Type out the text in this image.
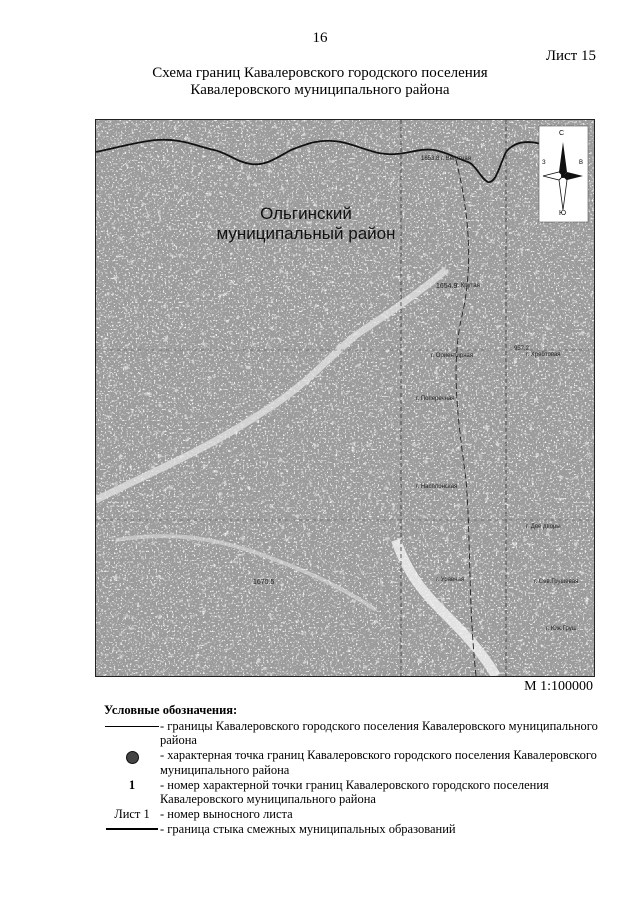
16
Лист 15
Схема границ Кавалеровского городского поселения
Кавалеровского муниципального района
С
Ю
З	В
Ольгинский
муниципальный район
г. Вегетная
г. Крутая
г. Хребтовая
г. Ориентирная
г. Поперечная
г. Насплонская
г. Две дворы
г. Сев.Грушевая
г. Юж.Груш
г. Уравная
1653.8
1654.9
957.2
1670.5
М 1:100000
Условные обозначения:
- границы Кавалеровского городского поселения Кавалеровского муниципального района
- характерная точка границ Кавалеровского городского поселения Кавалеровского муниципального района
1 - номер характерной точки границ Кавалеровского городского поселения Кавалеровского муниципального района
Лист 1 - номер выносного листа
- граница стыка смежных муниципальных образований
